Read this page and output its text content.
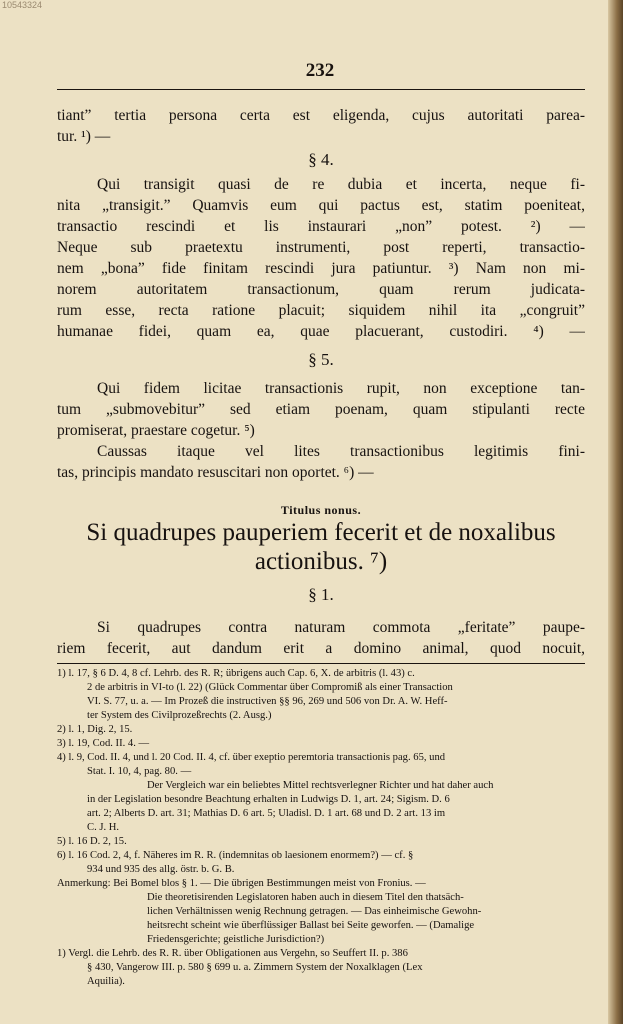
10543324
232
tiant” tertia persona certa est eligenda, cujus autoritati parea-
tur. ¹) —
§ 4.
Qui transigit quasi de re dubia et incerta, neque fi-
nita „transigit.” Quamvis eum qui pactus est, statim poeniteat,
transactio rescindi et lis instaurari „non” potest. ²) —
Neque sub praetextu instrumenti, post reperti, transactio-
nem „bona” fide finitam rescindi jura patiuntur. ³) Nam non mi-
norem autoritatem transactionum, quam rerum judicata-
rum esse, recta ratione placuit; siquidem nihil ita „congruit”
humanae fidei, quam ea, quae placuerant, custodiri. ⁴) —
§ 5.
Qui fidem licitae transactionis rupit, non exceptione tan-
tum „submovebitur” sed etiam poenam, quam stipulanti recte
promiserat, praestare cogetur. ⁵)
Caussas itaque vel lites transactionibus legitimis fini-
tas, principis mandato resuscitari non oportet. ⁶) —
Titulus nonus.
Si quadrupes pauperiem fecerit et de noxalibus
actionibus. ⁷)
§ 1.
Si quadrupes contra naturam commota „feritate” paupe-
riem fecerit, aut dandum erit a domino animal, quod nocuit,
1) l. 17, § 6 D. 4, 8 cf. Lehrb. des R. R; übrigens auch Cap. 6, X. de arbitris (l. 43) c.
2 de arbitris in VI-to (l. 22) (Glück Commentar über Compromiß als einer Transaction
VI. S. 77, u. a. — Im Prozeß die instructiven §§ 96, 269 und 506 von Dr. A. W. Heff-
ter System des Civilprozeßrechts (2. Ausg.)
2) l. 1, Dig. 2, 15.
3) l. 19, Cod. II. 4. —
4) l. 9, Cod. II. 4, und l. 20 Cod. II. 4, cf. über exeptio peremtoria transactionis pag. 65, und
Stat. I. 10, 4, pag. 80. —
Der Vergleich war ein beliebtes Mittel rechtsverlegner Richter und hat daher auch
in der Legislation besondre Beachtung erhalten in Ludwigs D. 1, art. 24; Sigism. D. 6
art. 2; Alberts D. art. 31; Mathias D. 6 art. 5; Uladisl. D. 1 art. 68 und D. 2 art. 13 im
C. J. H.
5) l. 16 D. 2, 15.
6) l. 16 Cod. 2, 4, f. Näheres im R. R. (indemnitas ob laesionem enormem?) — cf. §
934 und 935 des allg. östr. b. G. B.
Anmerkung: Bei Bomel blos § 1. — Die übrigen Bestimmungen meist von Fronius. —
Die theoretisirenden Legislatoren haben auch in diesem Titel den thatsäch-
lichen Verhältnissen wenig Rechnung getragen. — Das einheimische Gewohn-
heitsrecht scheint wie überflüssiger Ballast bei Seite geworfen. — (Damalige
Friedensgerichte; geistliche Jurisdiction?)
1) Vergl. die Lehrb. des R. R. über Obligationen aus Vergehn, so Seuffert II. p. 386
§ 430, Vangerow III. p. 580 § 699 u. a. Zimmern System der Noxalklagen (Lex
Aquilia).
